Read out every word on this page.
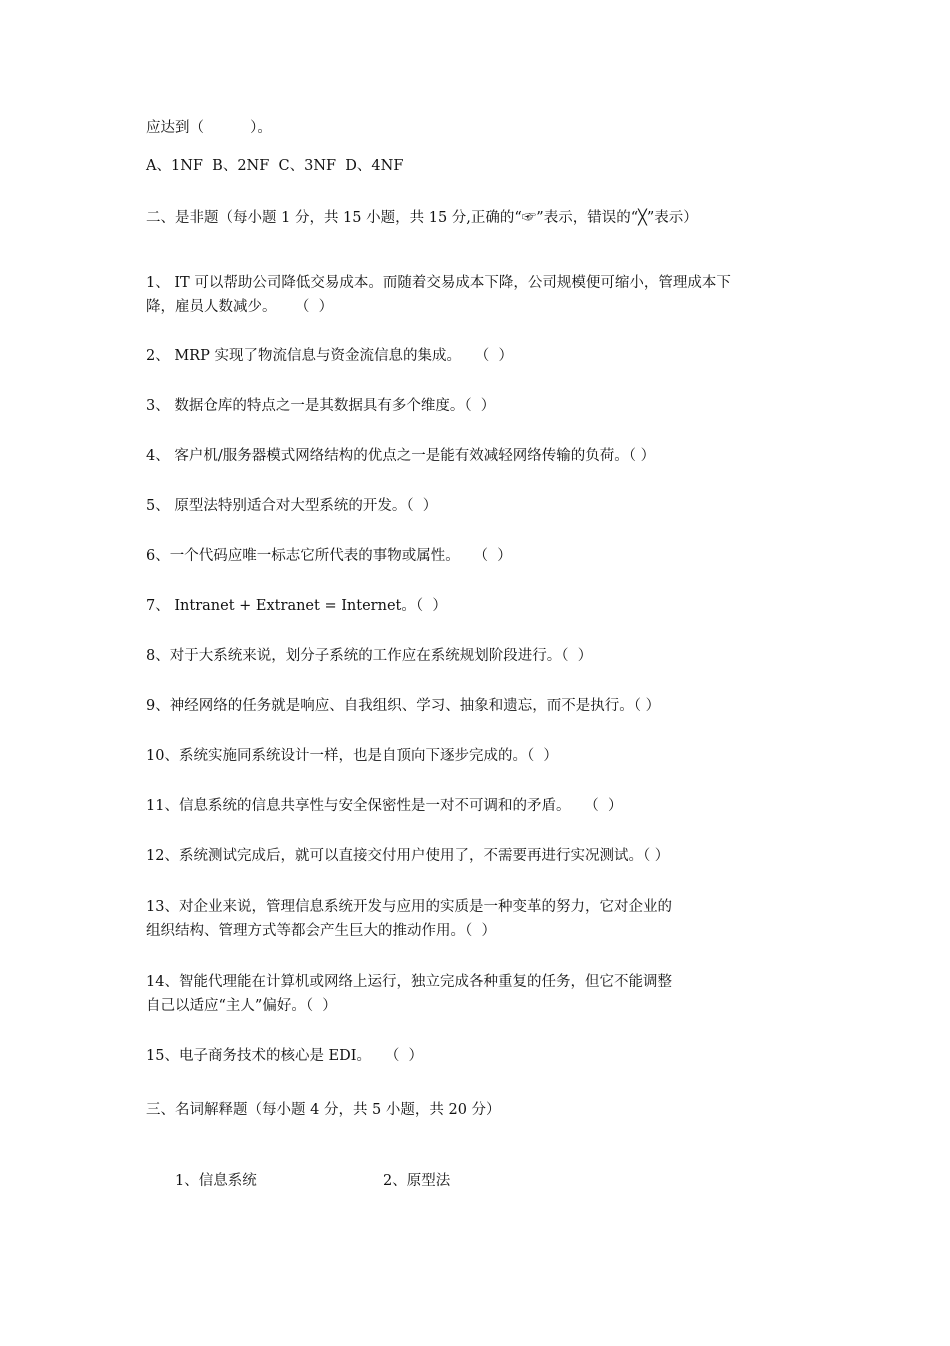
应达到（          ）。
A、1NF  B、2NF  C、3NF  D、4NF
二、是非题（每小题 1 分，共 15 小题，共 15 分,正确的“☞”表示，错误的“╳”表示）
1、 IT 可以帮助公司降低交易成本。而随着交易成本下降，公司规模便可缩小，管理成本下
降，雇员人数减少。    （  ）
2、 MRP 实现了物流信息与资金流信息的集成。   （  ）
3、 数据仓库的特点之一是其数据具有多个维度。（  ）
4、 客户机/服务器模式网络结构的优点之一是能有效减轻网络传输的负荷。（ ）
5、 原型法特别适合对大型系统的开发。（  ）
6、一个代码应唯一标志它所代表的事物或属性。   （  ）
7、 Intranet + Extranet = Internet。（  ）
8、对于大系统来说，划分子系统的工作应在系统规划阶段进行。（  ）
9、神经网络的任务就是响应、自我组织、学习、抽象和遗忘，而不是执行。（ ）
10、系统实施同系统设计一样，也是自顶向下逐步完成的。（  ）
11、信息系统的信息共享性与安全保密性是一对不可调和的矛盾。   （  ）
12、系统测试完成后，就可以直接交付用户使用了，不需要再进行实况测试。（ ）
13、对企业来说，管理信息系统开发与应用的实质是一种变革的努力，它对企业的
组织结构、管理方式等都会产生巨大的推动作用。（  ）
14、智能代理能在计算机或网络上运行，独立完成各种重复的任务，但它不能调整
自己以适应“主人”偏好。（  ）
15、电子商务技术的核心是 EDI。   （  ）
三、名词解释题（每小题 4 分，共 5 小题，共 20 分）
1、信息系统	2、原型法
